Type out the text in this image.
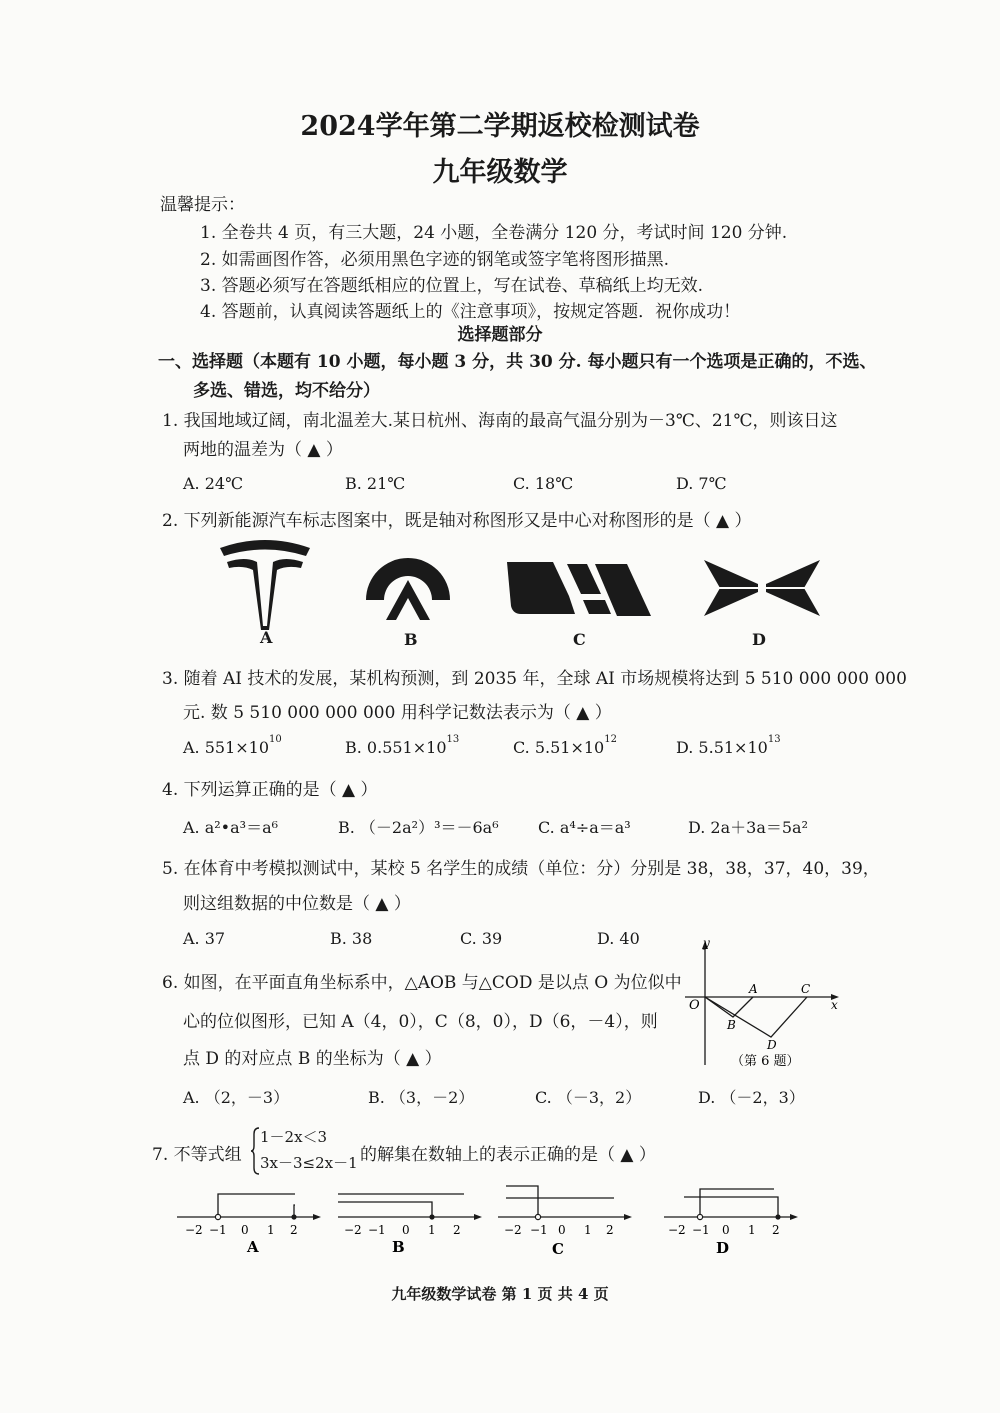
2024学年第二学期返校检测试卷
九年级数学
温馨提示：
1. 全卷共 4 页，有三大题，24 小题，全卷满分 120 分，考试时间 120 分钟.
2. 如需画图作答，必须用黑色字迹的钢笔或签字笔将图形描黑.
3. 答题必须写在答题纸相应的位置上，写在试卷、草稿纸上均无效.
4. 答题前，认真阅读答题纸上的《注意事项》，按规定答题．祝你成功！
选择题部分
一、选择题（本题有 10 小题，每小题 3 分，共 30 分. 每小题只有一个选项是正确的，不选、
多选、错选，均不给分）
1. 我国地域辽阔，南北温差大.某日杭州、海南的最高气温分别为－3℃、21℃，则该日这
两地的温差为（ ▲ ）
A. 24℃	B. 21℃	C. 18℃	D. 7℃
2. 下列新能源汽车标志图案中，既是轴对称图形又是中心对称图形的是（ ▲ ）
A	B	C	D
3. 随着 AI 技术的发展，某机构预测，到 2035 年，全球 AI 市场规模将达到 5 510 000 000 000
元. 数 5 510 000 000 000 用科学记数法表示为（ ▲ ）
A. $551\times 10^{10}$	B. $0.551\times 10^{13}$	C. $5.51\times 10^{12}$	D. $5.51\times 10^{13}$
4. 下列运算正确的是（ ▲ ）
A. a²•a³＝a⁶	B. （－2a²）³＝－6a⁶ C. a⁴÷a＝a³	D. 2a＋3a＝5a²
5. 在体育中考模拟测试中，某校 5 名学生的成绩（单位：分）分别是 38，38，37，40，39，
则这组数据的中位数是（ ▲ ）
A. 37	B. 38	C. 39	D. 40
6. 如图，在平面直角坐标系中，△AOB 与△COD 是以点 O 为位似中
心的位似图形，已知 A（4，0），C（8，0），D（6，－4），则
点 D 的对应点 B 的坐标为（ ▲ ）
A. （2，－3）	B. （3，－2）	C. （－3，2）	D. （－2，3）
y
x
O
A	C
B
D
（第 6 题）
7. 不等式组
1－2x＜3
3x－3≤2x－1 的解集在数轴上的表示正确的是（ ▲ ）
−2 −1 0 1 2
A
−2 −1 0 1 2
B
−2 −1 0 1 2
C
−2 −1 0 1 2
D
九年级数学试卷 第 1 页 共 4 页
